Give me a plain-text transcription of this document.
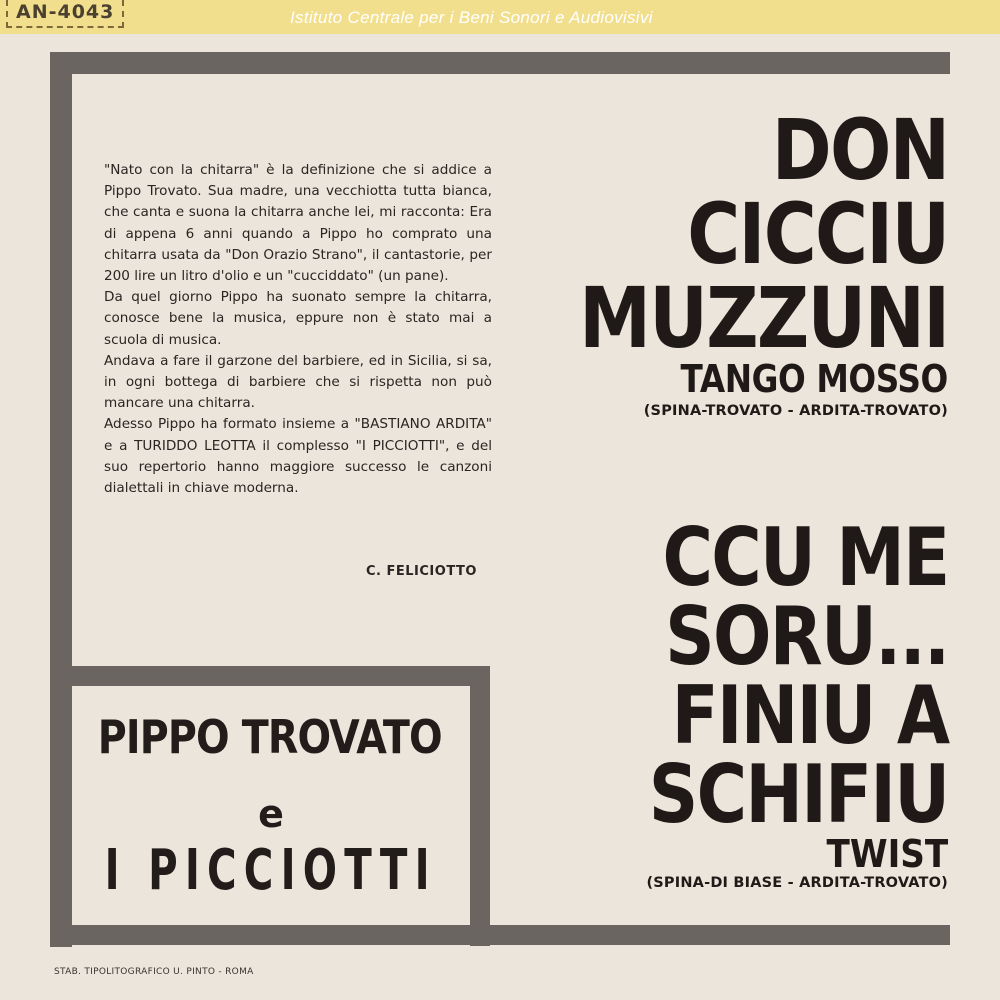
AN-4043	Istituto Centrale per i Beni Sonori e Audiovisivi

"Nato con la chitarra" è la definizione che si addice a Pippo Trovato. Sua madre, una vecchiotta tutta bianca, che canta e suona la chitarra anche lei, mi racconta: Era di appena 6 anni quando a Pippo ho comprato una chitarra usata da "Don Orazio Strano", il cantastorie, per 200 lire un litro d'olio e un "cucciddato" (un pane).

Da quel giorno Pippo ha suonato sempre la chitarra, conosce bene la musica, eppure non è stato mai a scuola di musica.

Andava a fare il garzone del barbiere, ed in Sicilia, si sa, in ogni bottega di barbiere che si rispetta non può mancare una chitarra.

Adesso Pippo ha formato insieme a "BASTIANO ARDITA" e a TURIDDO LEOTTA il complesso "I PICCIOTTI", e del suo repertorio hanno maggiore successo le canzoni dialettali in chiave moderna.

C. FELICIOTTO
PIPPO TROVATO
e
I PICCIOTTI
DON
CICCIU
MUZZUNI
TANGO MOSSO
(SPINA-TROVATO - ARDITA-TROVATO)
CCU ME
SORU...
FINIU A
SCHIFIU
TWIST
(SPINA-DI BIASE - ARDITA-TROVATO)
STAB. TIPOLITOGRAFICO U. PINTO - ROMA
